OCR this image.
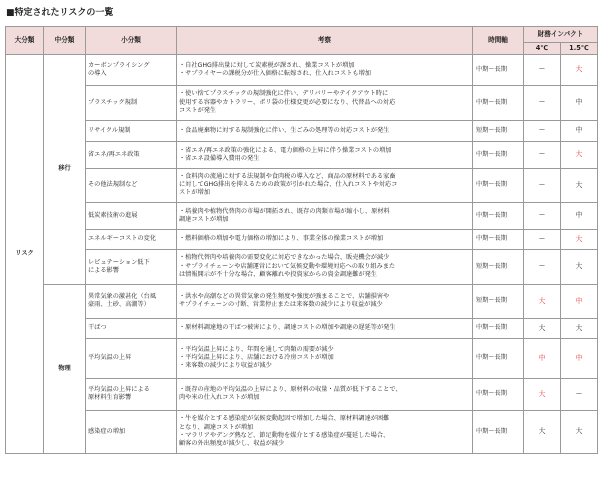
■特定されたリスクの一覧
大分類	中分類	小分類	考察	時間軸	財務インパクト	
					4℃	1.5℃
リスク	移行	カーボンプライシング
の導入	・自社GHG排出量に対して炭素税が課され、操業コストが増加
・サプライヤーの課税分が仕入価格に転嫁され、仕入れコストも増加	中期～長期	ー	大

		プラスチック規制	・使い捨てプラスチックの規制強化に伴い、デリバリーやテイクアウト時に
使用する容器やカトラリー、ポリ袋の仕様変更が必要になり、代替品への対応
コストが発生	中期～長期	ー	中

		リサイクル規制	・食品廃棄物に対する規制強化に伴い、生ごみの処理等の対応コストが発生	短期～長期	ー	中

		省エネ/再エネ政策	・省エネ/再エネ政策の強化による、電力価格の上昇に伴う操業コストの増加
・省エネ設備導入費用の発生	中期～長期	ー	大

		その他法規制など	・食料肉の流通に対する法規制や食肉税の導入など、商品の原材料である家畜
に対してGHG排出を抑えるための政策が引かれた場合、仕入れコストや対応コ
ストが増加	中期～長期	ー	大

		低炭素技術の進展	・培養肉や植物代替肉の市場が開拓され、既存の肉類市場が縮小し、原材料
調達コストが増加	中期～長期	ー	中

		エネルギーコストの変化	・燃料価格の増加や電力価格の増加により、事業全体の操業コストが増加	中期～長期	ー	大

		レピュテーション低下
による影響	・植物代替肉や培養肉の需要変化に対応できなかった場合、販売機会が減少
・サプライチェーンや店舗運営において気候変動や環境対応への取り組みまた
は情報開示が不十分な場合、顧客離れや投資家からの資金調達難が発生	短期～長期	ー	大
	物理	異常気象の激甚化（台風
豪雨、土砂、高潮等）	・洪水や高潮などの異常気象の発生頻度や強度が強まることで、店舗損害や
サプライチェーンの寸断、営業停止または来客数の減少により収益が減少	短期～長期	大	中

		干ばつ	・原材料調達地の干ばつ被害により、調達コストの増加や調達の遅延等が発生	中期～長期	大	大

		平均気温の上昇	・平均気温上昇により、年間を通して肉類の需要が減少
・平均気温上昇により、店舗における冷房コストが増加
・来客数の減少により収益が減少	中期～長期	中	中

		平均気温の上昇による
原材料生育影響	・既存の産地の平均気温の上昇により、原材料の収量・品質が低下することで、
肉や米の仕入れコストが増加	中期～長期	大	ー

		感染症の増加	・牛を媒介とする感染症が気候変動起因で増加した場合、原材料調達が困難
となり、調達コストが増加
・マラリアやデング熱など、節足動物を媒介とする感染症が蔓延した場合、
顧客の外出頻度が減少し、収益が減少	中期～長期	大	大
